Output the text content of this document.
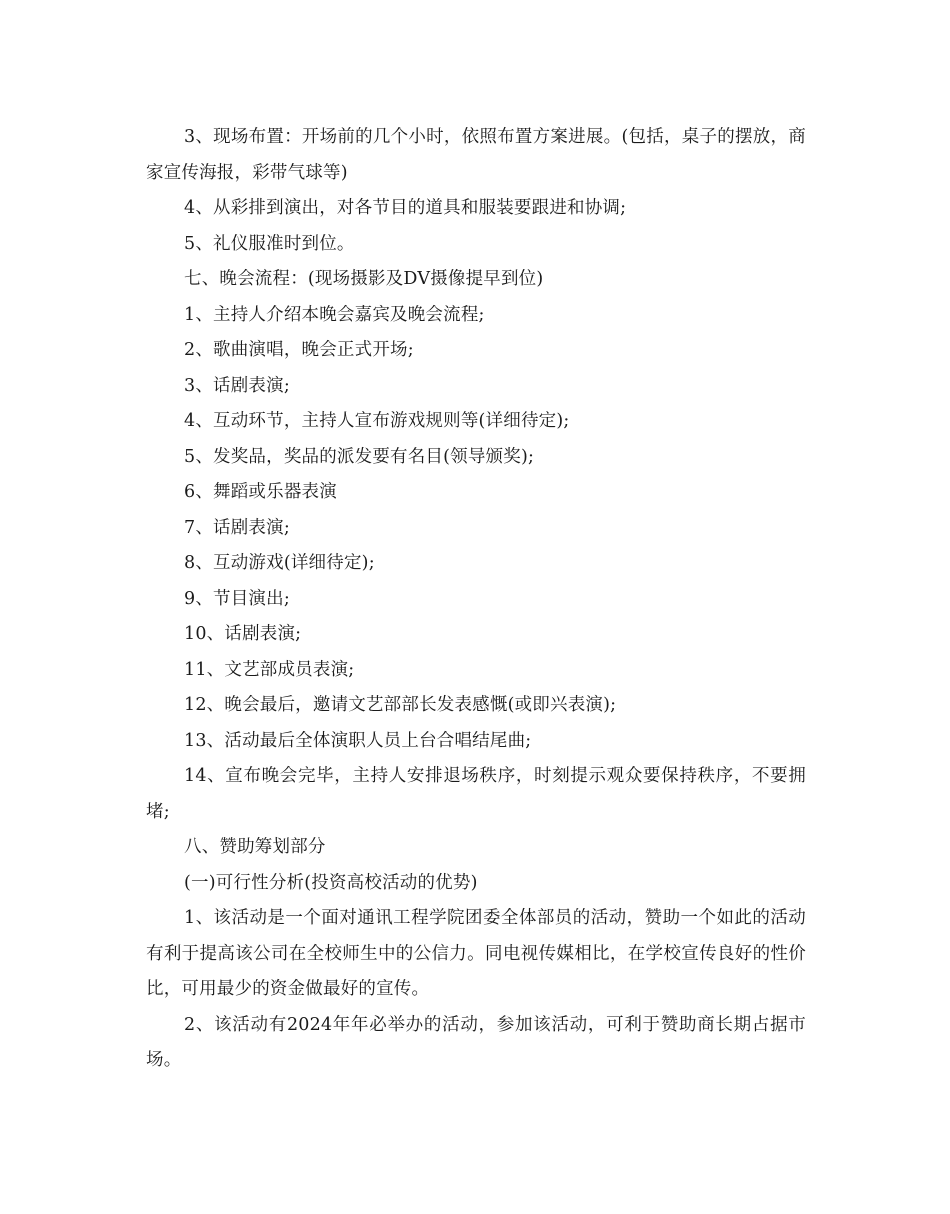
3、现场布置：开场前的几个小时，依照布置方案进展。(包括，桌子的摆放，商家宣传海报，彩带气球等)

4、从彩排到演出，对各节目的道具和服装要跟进和协调;

5、礼仪服准时到位。

七、晚会流程：(现场摄影及DV摄像提早到位)

1、主持人介绍本晚会嘉宾及晚会流程;

2、歌曲演唱，晚会正式开场;

3、话剧表演;

4、互动环节，主持人宣布游戏规则等(详细待定);

5、发奖品，奖品的派发要有名目(领导颁奖);

6、舞蹈或乐器表演

7、话剧表演;

8、互动游戏(详细待定);

9、节目演出;

10、话剧表演;

11、文艺部成员表演;

12、晚会最后，邀请文艺部部长发表感慨(或即兴表演);

13、活动最后全体演职人员上台合唱结尾曲;

14、宣布晚会完毕，主持人安排退场秩序，时刻提示观众要保持秩序，不要拥堵;

八、赞助筹划部分

(一)可行性分析(投资高校活动的优势)

1、该活动是一个面对通讯工程学院团委全体部员的活动，赞助一个如此的活动有利于提高该公司在全校师生中的公信力。同电视传媒相比，在学校宣传良好的性价比，可用最少的资金做最好的宣传。

2、该活动有2024年年必举办的活动，参加该活动，可利于赞助商长期占据市场。
